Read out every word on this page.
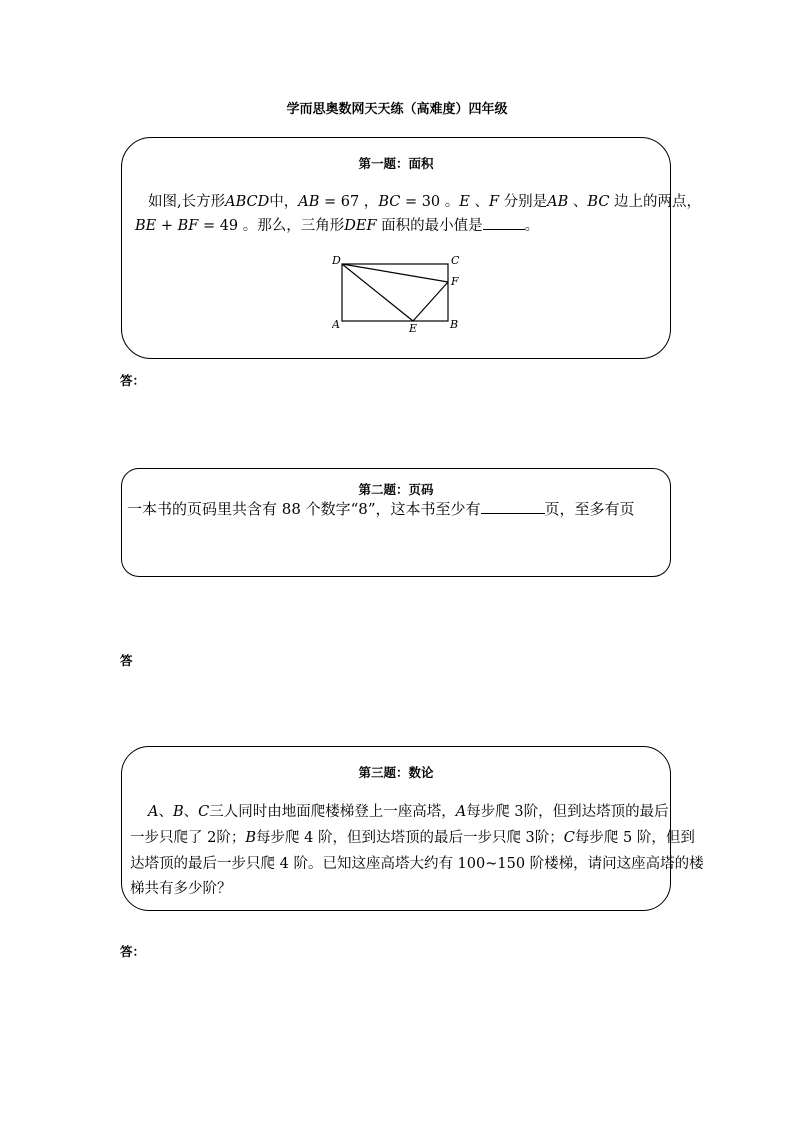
学而思奥数网天天练（高难度）四年级
第一题：面积
如图,长方形ABCD中，AB = 67 ，BC = 30 。E 、F 分别是AB 、BC 边上的两点，
BE + BF = 49 。那么，三角形DEF 面积的最小值是	。
D	C
F
A	B
E
答：
第二题：页码
一本书的页码里共含有 88 个数字“8”，这本书至少有	页，至多有页
答
第三题：数论
A、B、C三人同时由地面爬楼梯登上一座高塔，A每步爬 3阶，但到达塔顶的最后
一步只爬了 2阶；B每步爬 4 阶，但到达塔顶的最后一步只爬 3阶；C每步爬 5 阶，但到
达塔顶的最后一步只爬 4 阶。已知这座高塔大约有 100~150 阶楼梯，请问这座高塔的楼
梯共有多少阶？
答：
